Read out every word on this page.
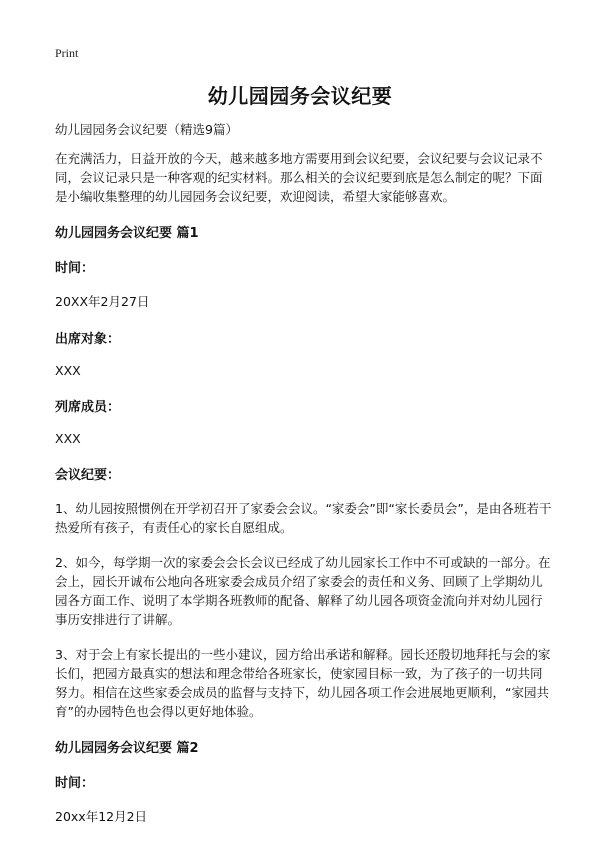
Print
幼儿园园务会议纪要

幼儿园园务会议纪要（精选9篇）

在充满活力，日益开放的今天，越来越多地方需要用到会议纪要，会议纪要与会议记录不同，会议记录只是一种客观的纪实材料。那么相关的会议纪要到底是怎么制定的呢？下面是小编收集整理的幼儿园园务会议纪要，欢迎阅读，希望大家能够喜欢。

幼儿园园务会议纪要 篇1
时间：
20XX年2月27日
出席对象：
XXX
列席成员：
XXX
会议纪要：

1、幼儿园按照惯例在开学初召开了家委会会议。“家委会”即“家长委员会”，是由各班若干热爱所有孩子，有责任心的家长自愿组成。

2、如今，每学期一次的家委会会长会议已经成了幼儿园家长工作中不可或缺的一部分。在会上，园长开诚布公地向各班家委会成员介绍了家委会的责任和义务、回顾了上学期幼儿园各方面工作、说明了本学期各班教师的配备、解释了幼儿园各项资金流向并对幼儿园行事历安排进行了讲解。

3、对于会上有家长提出的一些小建议，园方给出承诺和解释。园长还殷切地拜托与会的家长们，把园方最真实的想法和理念带给各班家长，使家园目标一致，为了孩子的一切共同努力。相信在这些家委会成员的监督与支持下，幼儿园各项工作会进展地更顺利，“家园共育”的办园特色也会得以更好地体验。

幼儿园园务会议纪要 篇2
时间：
20xx年12月2日
